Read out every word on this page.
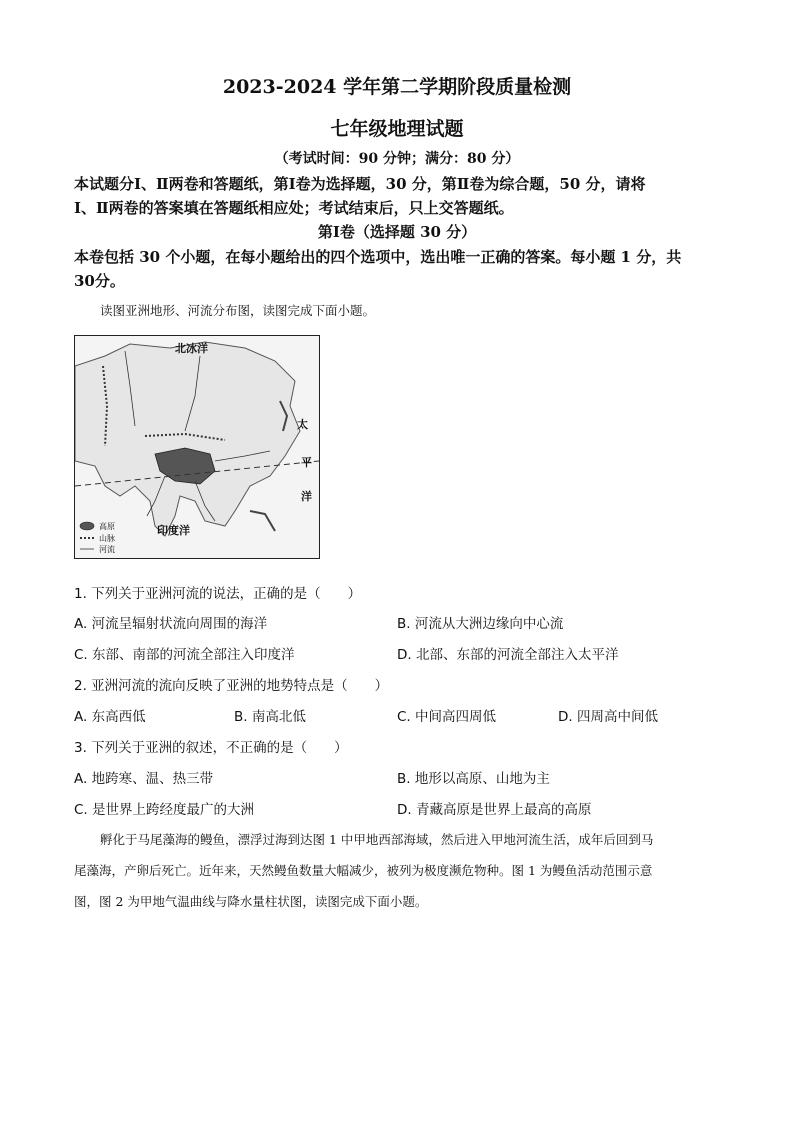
2023-2024 学年第二学期阶段质量检测
七年级地理试题
（考试时间：90 分钟；满分：80 分）
本试题分Ⅰ、Ⅱ两卷和答题纸，第Ⅰ卷为选择题，30 分，第Ⅱ卷为综合题，50 分，请将
Ⅰ、Ⅱ两卷的答案填在答题纸相应处；考试结束后，只上交答题纸。
第Ⅰ卷（选择题 30 分）
本卷包括 30 个小题，在每小题给出的四个选项中，选出唯一正确的答案。每小题 1 分，共
30分。
读图亚洲地形、河流分布图，读图完成下面小题。
北冰洋
太
平
洋
印度洋
高原
山脉
河流
1. 下列关于亚洲河流的说法，正确的是（　　）
A. 河流呈辐射状流向周围的海洋	B. 河流从大洲边缘向中心流
C. 东部、南部的河流全部注入印度洋	D. 北部、东部的河流全部注入太平洋
2. 亚洲河流的流向反映了亚洲的地势特点是（　　）
A. 东高西低	B. 南高北低	C. 中间高四周低	D. 四周高中间低
3. 下列关于亚洲的叙述，不正确的是（　　）
A. 地跨寒、温、热三带	B. 地形以高原、山地为主
C. 是世界上跨经度最广的大洲	D. 青藏高原是世界上最高的高原
孵化于马尾藻海的鳗鱼，漂浮过海到达图 1 中甲地西部海域，然后进入甲地河流生活，成年后回到马
尾藻海，产卵后死亡。近年来，天然鳗鱼数量大幅减少，被列为极度濒危物种。图 1 为鳗鱼活动范围示意
图，图 2 为甲地气温曲线与降水量柱状图，读图完成下面小题。
